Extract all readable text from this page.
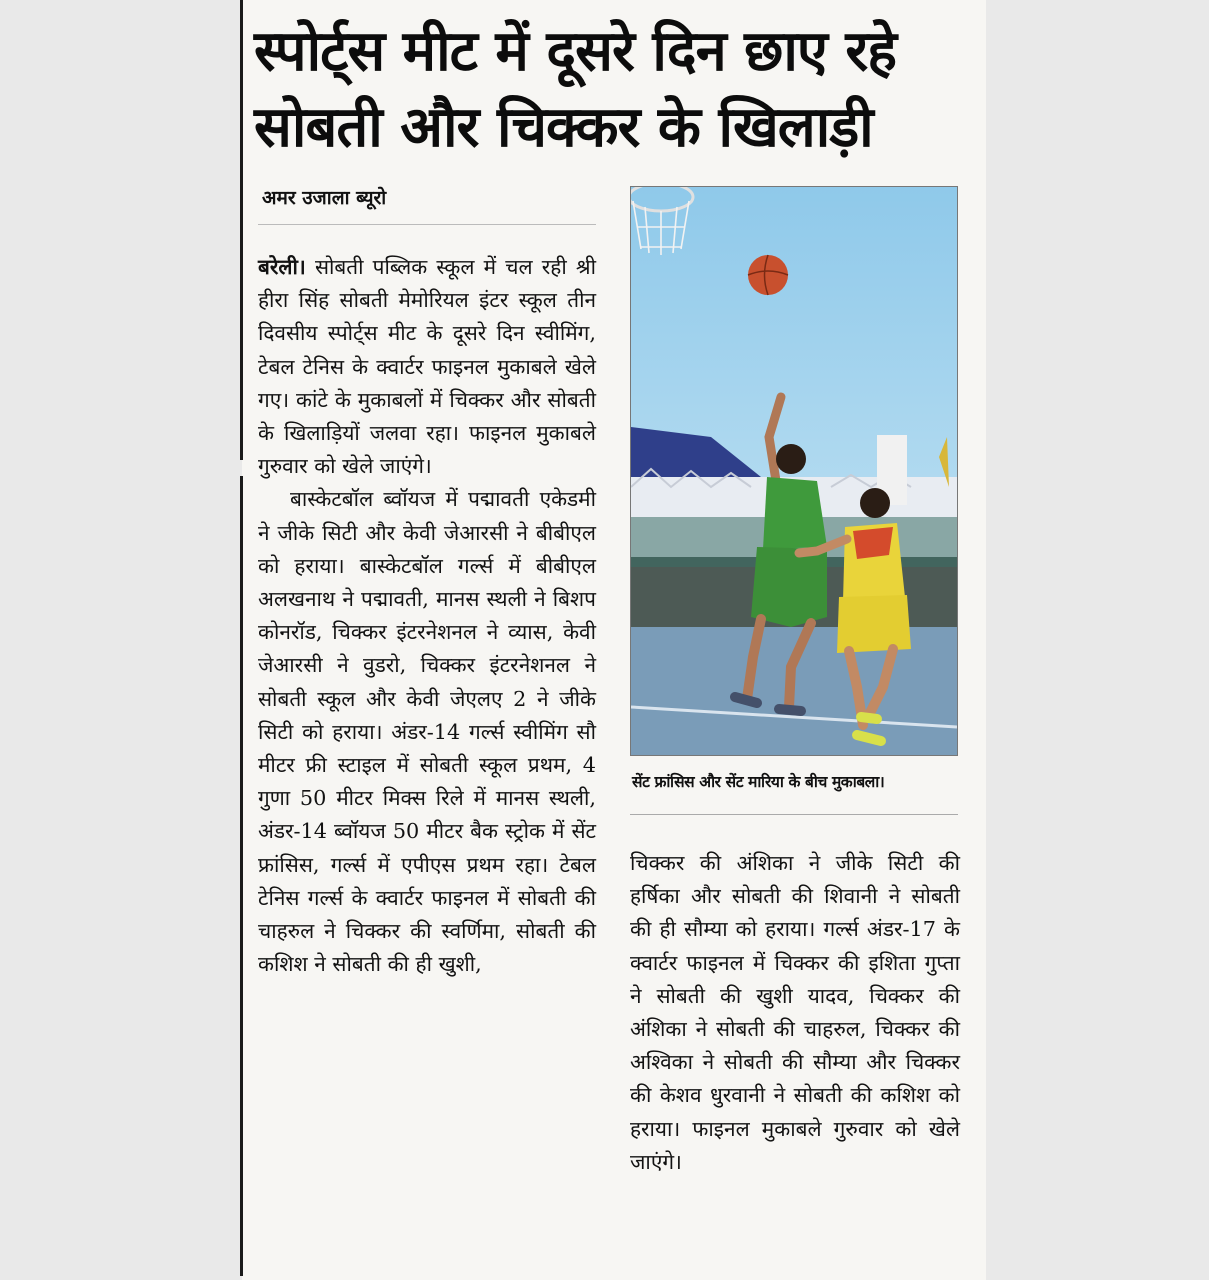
स्पोर्ट्स मीट में दूसरे दिन छाए रहे
सोबती और चिक्कर के खिलाड़ी
अमर उजाला ब्यूरो

बरेली। सोबती पब्लिक स्कूल में चल रही श्री हीरा सिंह सोबती मेमोरियल इंटर स्कूल तीन दिवसीय स्पोर्ट्स मीट के दूसरे दिन स्वीमिंग, टेबल टेनिस के क्वार्टर फाइनल मुकाबले खेले गए। कांटे के मुकाबलों में चिक्कर और सोबती के खिलाड़ियों जलवा रहा। फाइनल मुकाबले गुरुवार को खेले जाएंगे।

बास्केटबॉल ब्वॉयज में पद्मावती एकेडमी ने जीके सिटी और केवी जेआरसी ने बीबीएल को हराया। बास्केटबॉल गर्ल्स में बीबीएल अलखनाथ ने पद्मावती, मानस स्थली ने बिशप कोनरॉड, चिक्कर इंटरनेशनल ने व्यास, केवी जेआरसी ने वुडरो, चिक्कर इंटरनेशनल ने सोबती स्कूल और केवी जेएलए 2 ने जीके सिटी को हराया। अंडर-14 गर्ल्स स्वीमिंग सौ मीटर फ्री स्टाइल में सोबती स्कूल प्रथम, 4 गुणा 50 मीटर मिक्स रिले में मानस स्थली, अंडर-14 ब्वॉयज 50 मीटर बैक स्ट्रोक में सेंट फ्रांसिस, गर्ल्स में एपीएस प्रथम रहा। टेबल टेनिस गर्ल्स के क्वार्टर फाइनल में सोबती की चाहरुल ने चिक्कर की स्वर्णिमा, सोबती की कशिश ने सोबती की ही खुशी,

सेंट फ्रांसिस और सेंट मारिया के बीच मुकाबला।

चिक्कर की अंशिका ने जीके सिटी की हर्षिका और सोबती की शिवानी ने सोबती की ही सौम्या को हराया। गर्ल्स अंडर-17 के क्वार्टर फाइनल में चिक्कर की इशिता गुप्ता ने सोबती की खुशी यादव, चिक्कर की अंशिका ने सोबती की चाहरुल, चिक्कर की अश्विका ने सोबती की सौम्या और चिक्कर की केशव धुरवानी ने सोबती की कशिश को हराया। फाइनल मुकाबले गुरुवार को खेले जाएंगे।
